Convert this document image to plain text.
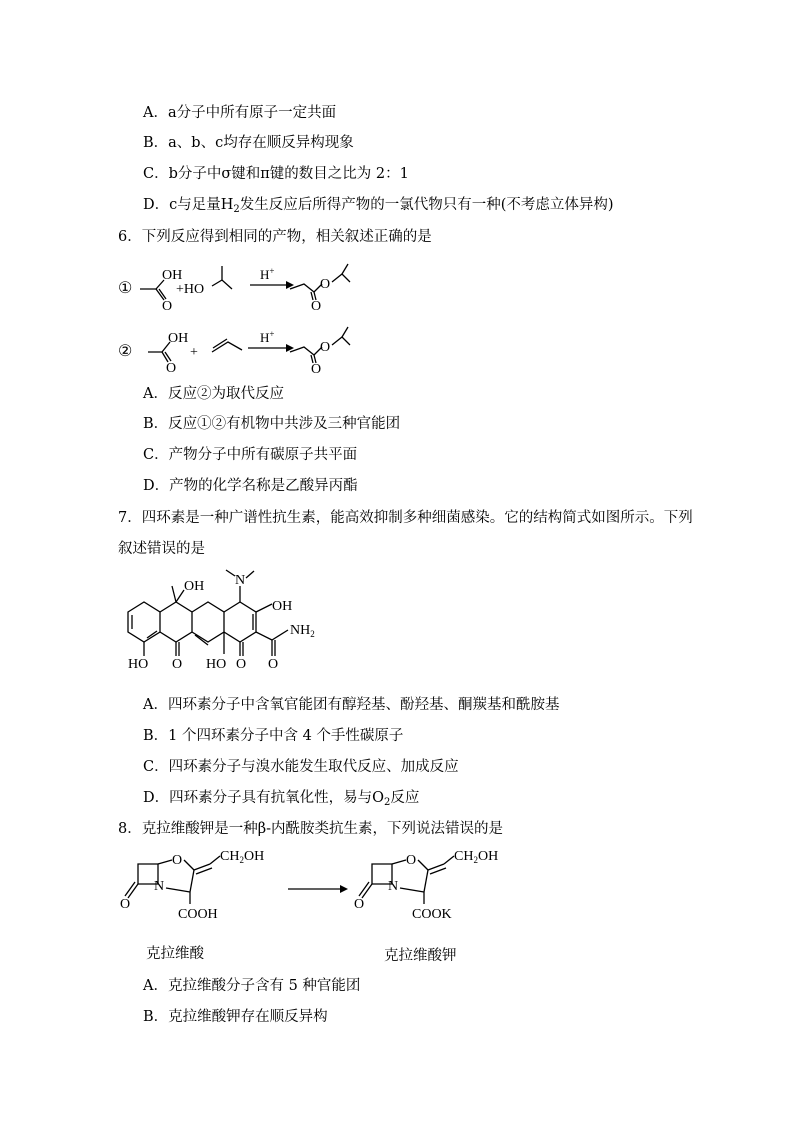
A．a分子中所有原子一定共面
B．a、b、c均存在顺反异构现象
C．b分子中σ键和π键的数目之比为 2：1
D．c与足量$H_2$发生反应后所得产物的一氯代物只有一种(不考虑立体异构)
6．下列反应得到相同的产物，相关叙述正确的是
①
OH
O
+HO
H+
O
O
②
OH
O
+
H+
O
O
A．反应②为取代反应
B．反应①②有机物中共涉及三种官能团
C．产物分子中所有碳原子共平面
D．产物的化学名称是乙酸异丙酯
7．四环素是一种广谱性抗生素，能高效抑制多种细菌感染。它的结构简式如图所示。下列
叙述错误的是
OH N
OH
$NH_2$
O
HO O HO O
A．四环素分子中含氧官能团有醇羟基、酚羟基、酮羰基和酰胺基
B．1 个四环素分子中含 4 个手性碳原子
C．四环素分子与溴水能发生取代反应、加成反应
D．四环素分子具有抗氧化性，易与$O_2$反应
8．克拉维酸钾是一种β-内酰胺类抗生素，下列说法错误的是
O
N
O	$CH_2OH$
COOH
O
N
O	$CH_2OH$
COOK
克拉维酸	克拉维酸钾
A．克拉维酸分子含有 5 种官能团
B．克拉维酸钾存在顺反异构
